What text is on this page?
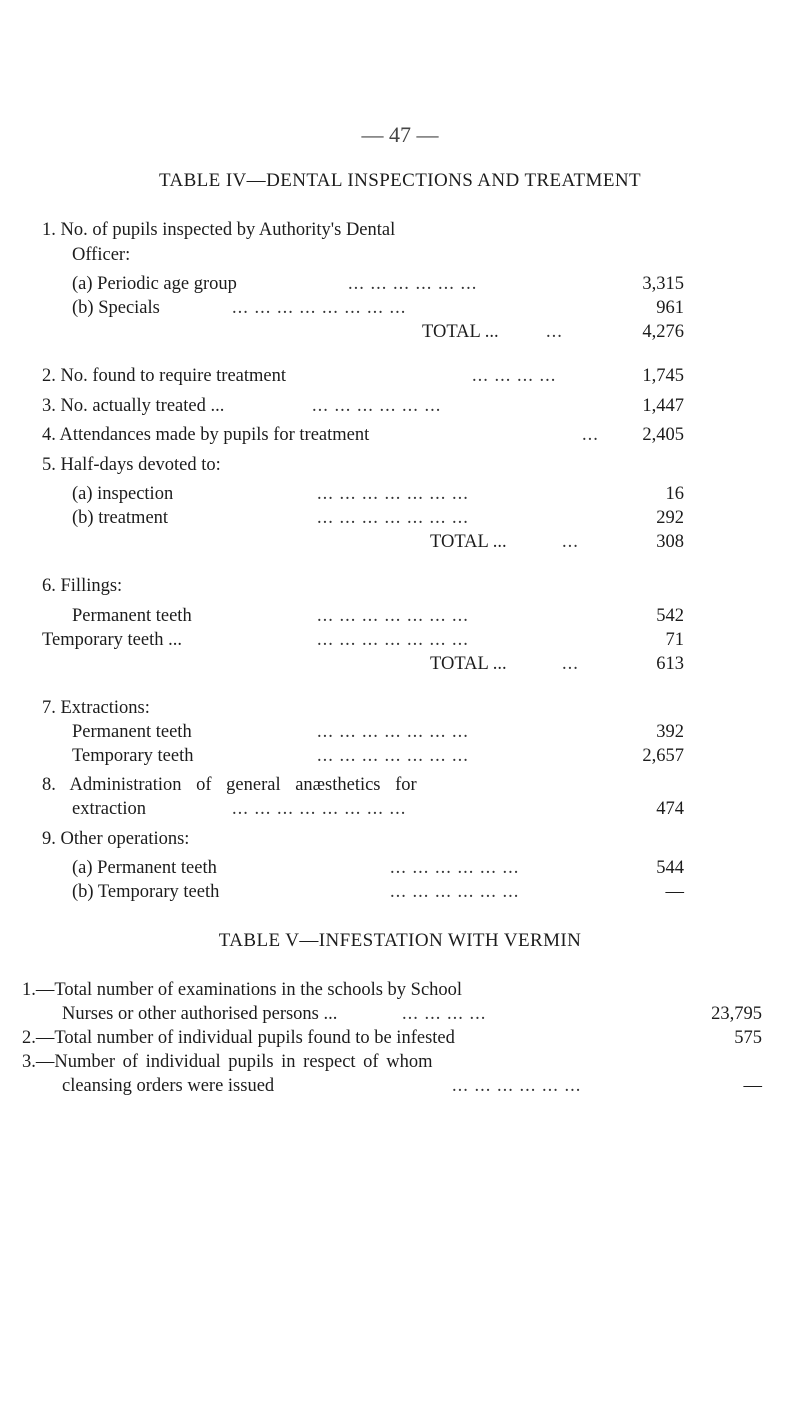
— 47 —
TABLE IV—DENTAL INSPECTIONS AND TREATMENT
1. No. of pupils inspected by Authority's Dental
Officer:
(a) Periodic age group	... ... ... ... ... ...	3,315
(b) Specials	... ... ... ... ... ... ... ...	961
TOTAL ...	...	4,276
2. No. found to require treatment	... ... ... ...	1,745
3. No. actually treated ...	... ... ... ... ... ...	1,447
4. Attendances made by pupils for treatment	... 2,405
5. Half-days devoted to:
(a) inspection	... ... ... ... ... ... ...	16
(b) treatment	... ... ... ... ... ... ...	292
TOTAL ...	...	308
6. Fillings:
Permanent teeth	... ... ... ... ... ... ...	542
Temporary teeth ...	... ... ... ... ... ... ...	71
TOTAL ...	...	613
7. Extractions:
Permanent teeth	... ... ... ... ... ... ...	392
Temporary teeth	... ... ... ... ... ... ...	2,657
8. Administration of general anæsthetics for
extraction	... ... ... ... ... ... ... ...	474
9. Other operations:
(a) Permanent teeth	... ... ... ... ... ...	544
(b) Temporary teeth	... ... ... ... ... ...	—
TABLE V—INFESTATION WITH VERMIN
1.—Total number of examinations in the schools by School
Nurses or other authorised persons ...	... ... ... ...	23,795
2.—Total number of individual pupils found to be infested	575
3.—Number of individual pupils in respect of whom
cleansing orders were issued	... ... ... ... ... ...	—
